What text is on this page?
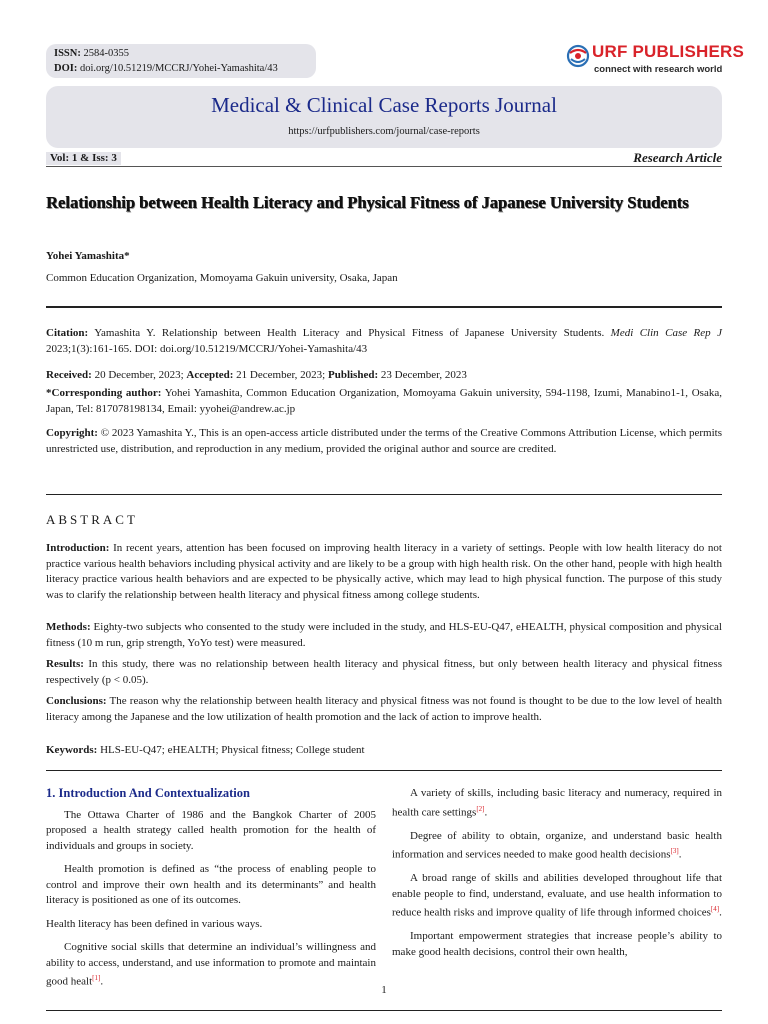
ISSN: 2584-0355
DOI: doi.org/10.51219/MCCRJ/Yohei-Yamashita/43
URF PUBLISHERS
connect with research world
Medical & Clinical Case Reports Journal
https://urfpublishers.com/journal/case-reports
Vol: 1 & Iss: 3	Research Article
Relationship between Health Literacy and Physical Fitness of Japanese University Students
Yohei Yamashita*
Common Education Organization, Momoyama Gakuin university, Osaka, Japan
Citation: Yamashita Y. Relationship between Health Literacy and Physical Fitness of Japanese University Students. Medi Clin Case Rep J 2023;1(3):161-165. DOI: doi.org/10.51219/MCCRJ/Yohei-Yamashita/43
Received: 20 December, 2023; Accepted: 21 December, 2023; Published: 23 December, 2023
*Corresponding author: Yohei Yamashita, Common Education Organization, Momoyama Gakuin university, 594-1198, Izumi, Manabino1-1, Osaka, Japan, Tel: 817078198134, Email: yyohei@andrew.ac.jp
Copyright: © 2023 Yamashita Y., This is an open-access article distributed under the terms of the Creative Commons Attribution License, which permits unrestricted use, distribution, and reproduction in any medium, provided the original author and source are credited.
ABSTRACT
Introduction: In recent years, attention has been focused on improving health literacy in a variety of settings. People with low health literacy do not practice various health behaviors including physical activity and are likely to be a group with high health risk. On the other hand, people with high health literacy practice various health behaviors and are expected to be physically active, which may lead to high physical function. The purpose of this study was to clarify the relationship between health literacy and physical fitness among college students.
Methods: Eighty-two subjects who consented to the study were included in the study, and HLS-EU-Q47, eHEALTH, physical composition and physical fitness (10 m run, grip strength, YoYo test) were measured.
Results: In this study, there was no relationship between health literacy and physical fitness, but only between health literacy and physical fitness respectively (p < 0.05).
Conclusions: The reason why the relationship between health literacy and physical fitness was not found is thought to be due to the low level of health literacy among the Japanese and the low utilization of health promotion and the lack of action to improve health.
Keywords: HLS-EU-Q47; eHEALTH; Physical fitness; College student
1. Introduction And Contextualization

The Ottawa Charter of 1986 and the Bangkok Charter of 2005 proposed a health strategy called health promotion for the health of individuals and groups in society.

Health promotion is defined as “the process of enabling people to control and improve their own health and its determinants” and health literacy is positioned as one of its outcomes.

Health literacy has been defined in various ways.

Cognitive social skills that determine an individual’s willingness and ability to access, understand, and use information to promote and maintain good healt[1].

A variety of skills, including basic literacy and numeracy, required in health care settings[2].

Degree of ability to obtain, organize, and understand basic health information and services needed to make good health decisions[3].

A broad range of skills and abilities developed throughout life that enable people to find, understand, evaluate, and use health information to reduce health risks and improve quality of life through informed choices[4].

Important empowerment strategies that increase people’s ability to make good health decisions, control their own health,

1
